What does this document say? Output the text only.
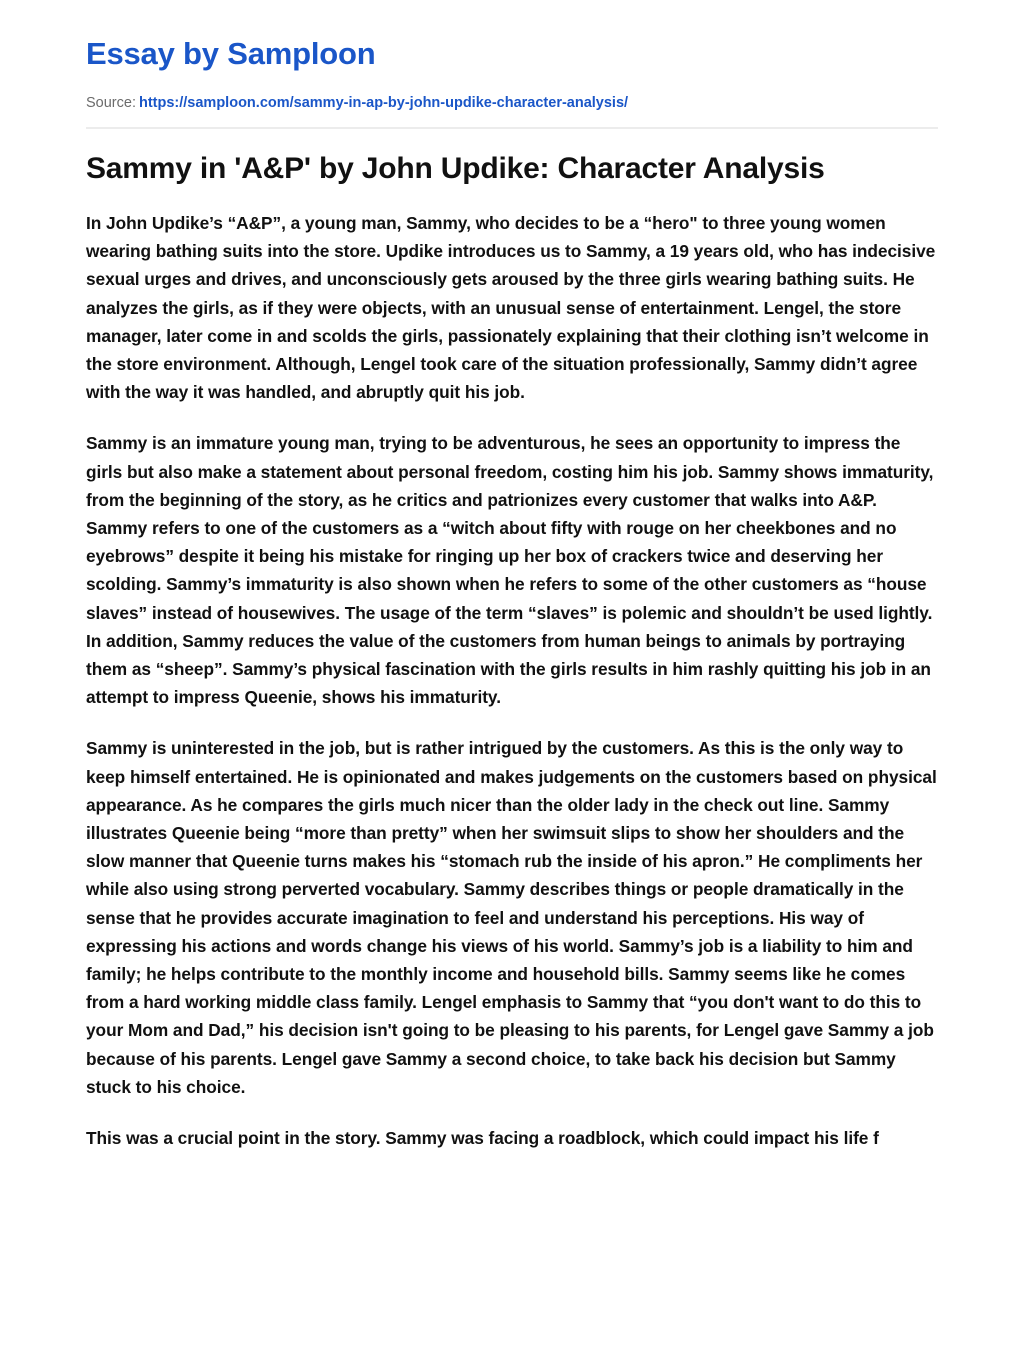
Essay by Samploon
Source: https://samploon.com/sammy-in-ap-by-john-updike-character-analysis/
Sammy in 'A&P' by John Updike: Character Analysis

In John Updike’s “A&P”, a young man, Sammy, who decides to be a “hero" to three young women wearing bathing suits into the store. Updike introduces us to Sammy, a 19 years old, who has indecisive sexual urges and drives, and unconsciously gets aroused by the three girls wearing bathing suits. He analyzes the girls, as if they were objects, with an unusual sense of entertainment. Lengel, the store manager, later come in and scolds the girls, passionately explaining that their clothing isn’t welcome in the store environment. Although, Lengel took care of the situation professionally, Sammy didn’t agree with the way it was handled, and abruptly quit his job.

Sammy is an immature young man, trying to be adventurous, he sees an opportunity to impress the girls but also make a statement about personal freedom, costing him his job. Sammy shows immaturity, from the beginning of the story, as he critics and patrionizes every customer that walks into A&P. Sammy refers to one of the customers as a “witch about fifty with rouge on her cheekbones and no eyebrows” despite it being his mistake for ringing up her box of crackers twice and deserving her scolding. Sammy’s immaturity is also shown when he refers to some of the other customers as “house slaves” instead of housewives. The usage of the term “slaves” is polemic and shouldn’t be used lightly. In addition, Sammy reduces the value of the customers from human beings to animals by portraying them as “sheep”. Sammy’s physical fascination with the girls results in him rashly quitting his job in an attempt to impress Queenie, shows his immaturity.

Sammy is uninterested in the job, but is rather intrigued by the customers. As this is the only way to keep himself entertained. He is opinionated and makes judgements on the customers based on physical appearance. As he compares the girls much nicer than the older lady in the check out line. Sammy illustrates Queenie being “more than pretty” when her swimsuit slips to show her shoulders and the slow manner that Queenie turns makes his “stomach rub the inside of his apron.” He compliments her while also using strong perverted vocabulary. Sammy describes things or people dramatically in the sense that he provides accurate imagination to feel and understand his perceptions. His way of expressing his actions and words change his views of his world. Sammy’s job is a liability to him and family; he helps contribute to the monthly income and household bills. Sammy seems like he comes from a hard working middle class family. Lengel emphasis to Sammy that “you don't want to do this to your Mom and Dad,” his decision isn't going to be pleasing to his parents, for Lengel gave Sammy a job because of his parents. Lengel gave Sammy a second choice, to take back his decision but Sammy stuck to his choice.

This was a crucial point in the story. Sammy was facing a roadblock, which could impact his life f
